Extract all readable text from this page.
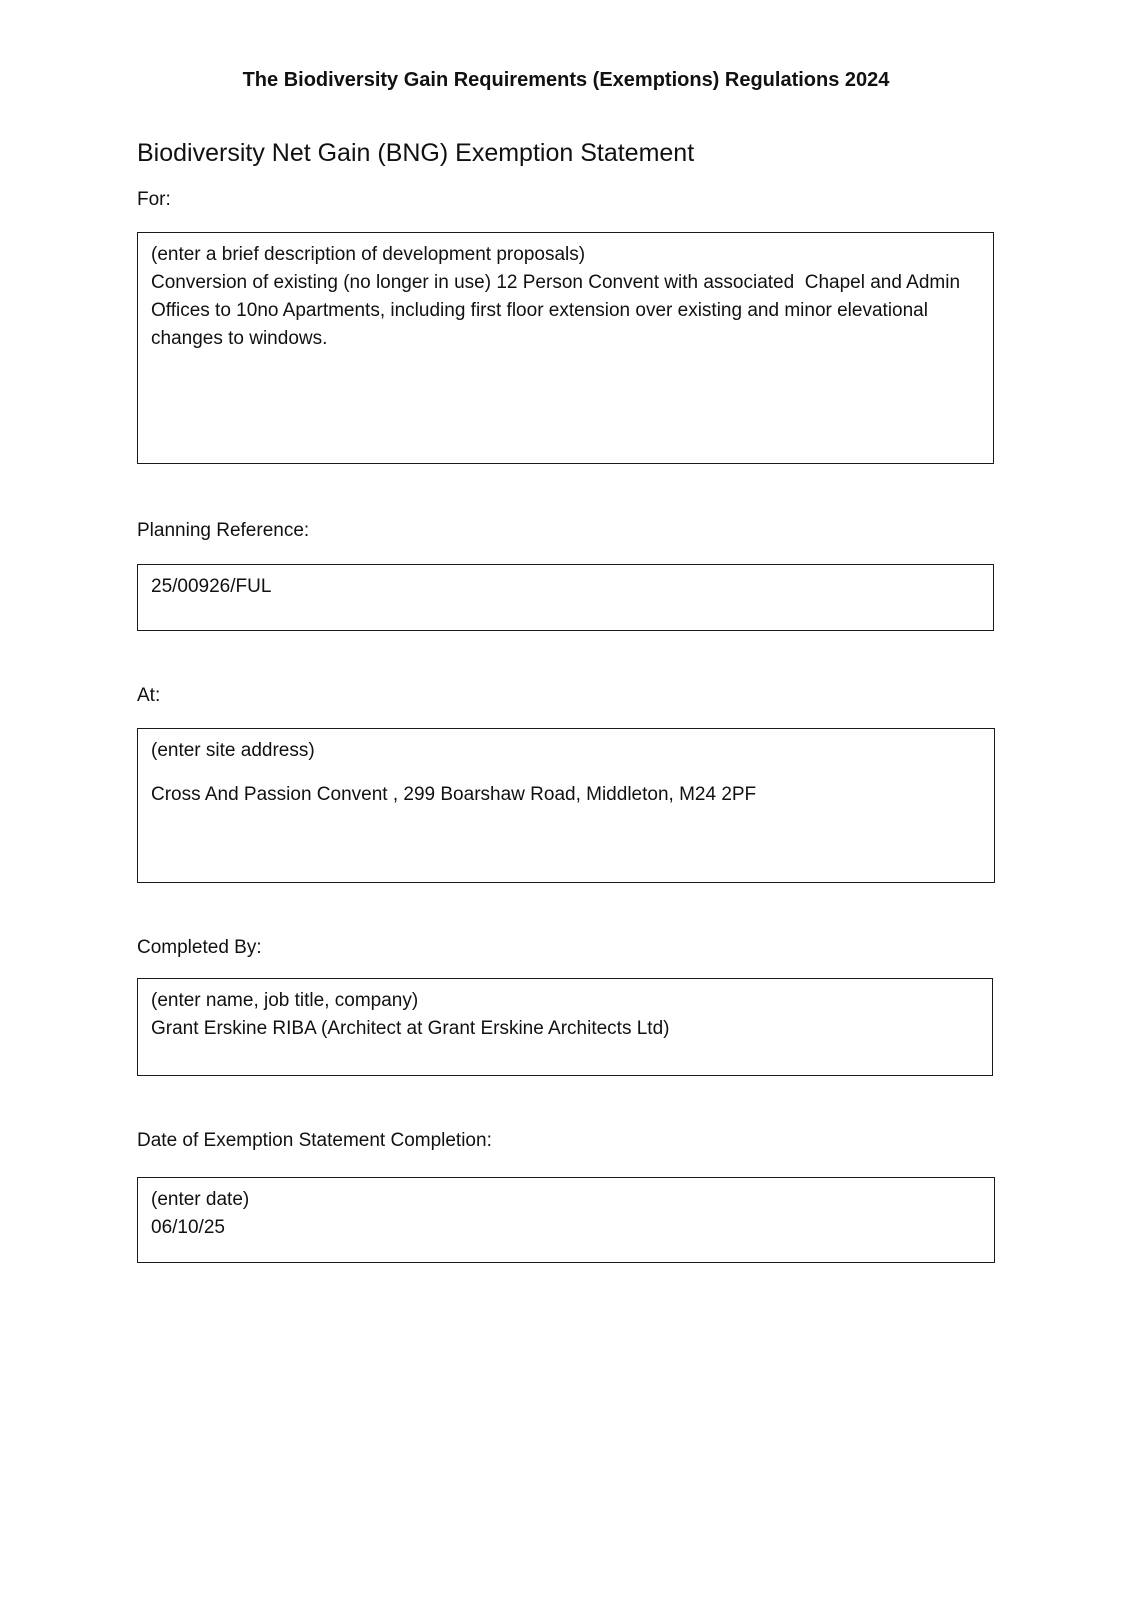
The Biodiversity Gain Requirements (Exemptions) Regulations 2024
Biodiversity Net Gain (BNG) Exemption Statement
For:
(enter a brief description of development proposals)
Conversion of existing (no longer in use) 12 Person Convent with associated  Chapel and Admin Offices to 10no Apartments, including first floor extension over existing and minor elevational changes to windows.
Planning Reference:
25/00926/FUL
At:
(enter site address)
Cross And Passion Convent , 299 Boarshaw Road, Middleton, M24 2PF
Completed By:
(enter name, job title, company)
Grant Erskine RIBA (Architect at Grant Erskine Architects Ltd)
Date of Exemption Statement Completion:
(enter date)
06/10/25
